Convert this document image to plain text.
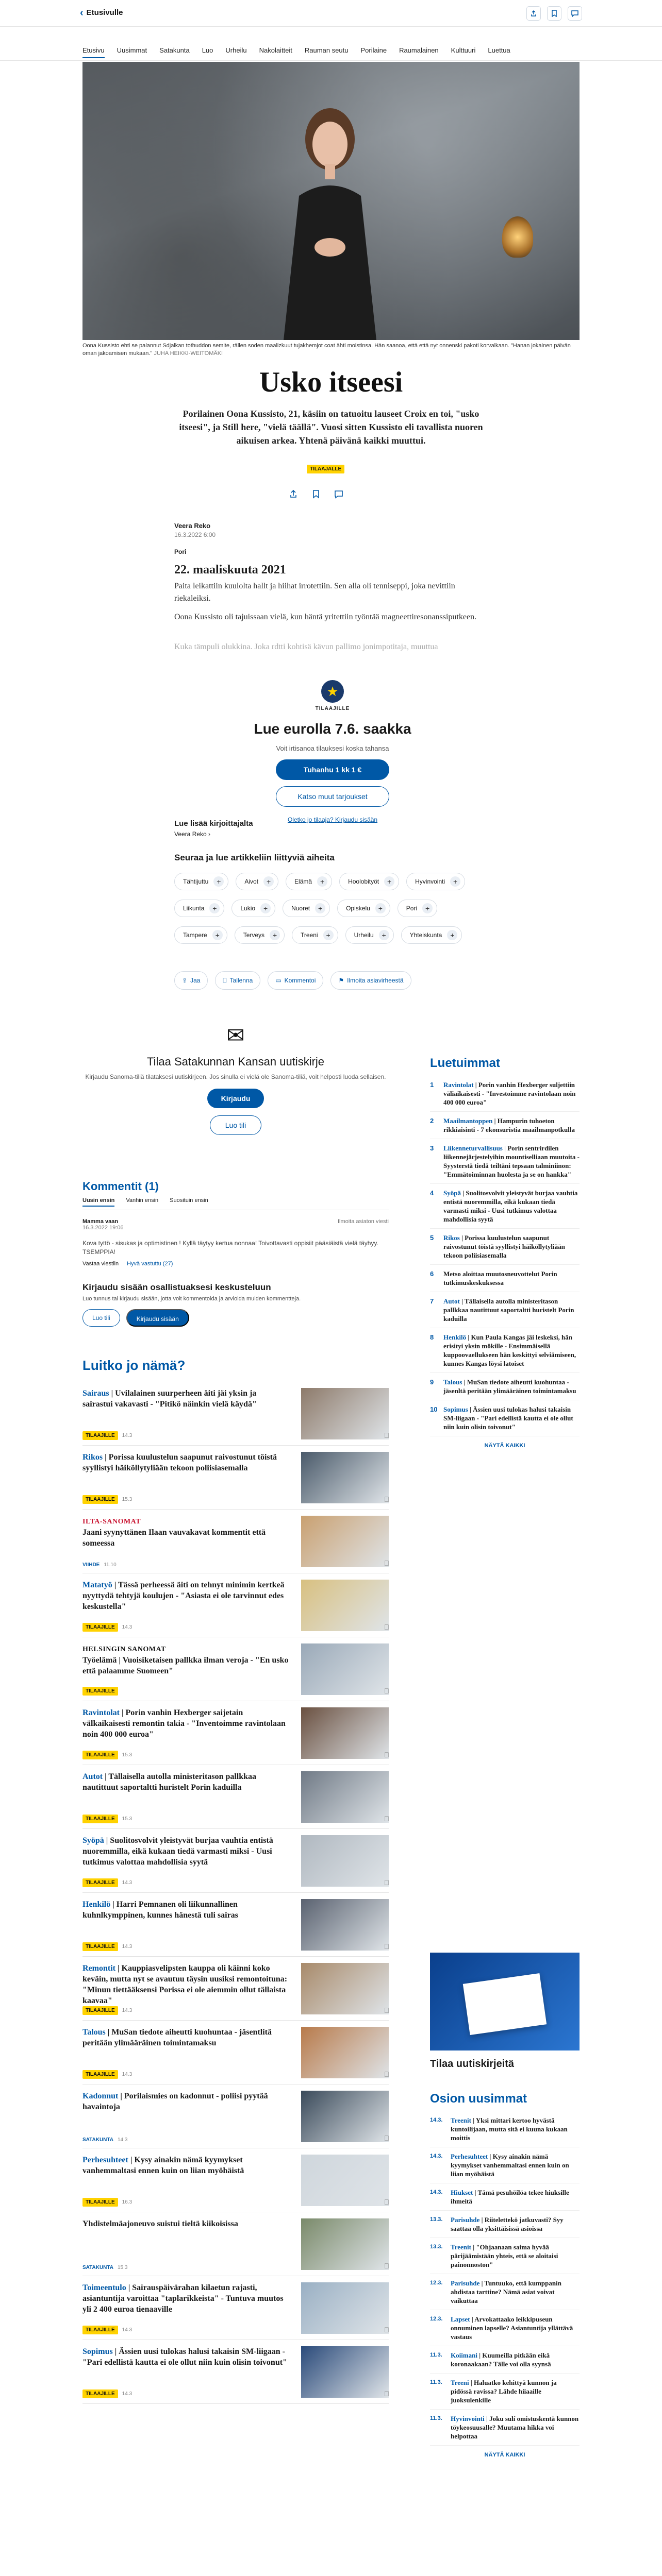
‹ Etusivulle
Etusivu Uusimmat Satakunta Luo Urheilu Nakolaitteit Rauman seutu Porilaine Raumalainen Kulttuuri Luettua
Oona Kussisto ehti se palannut Sdjalkan tothuddon semite, rällen soden maalizkuut tujakhemjot coat ähti moistinsa. Hän saanoa, että että nyt onnenski pakoti korvalkaan. "Hanan jokainen päivän oman jakoamisen mukaan." JUHA HEIKKI-WEITOMÄKI
Usko itseesi

Porilainen Oona Kussisto, 21, käsiin on tatuoitu lauseet Croix en toi, "usko itseesi", ja Still here, "vielä täällä". Vuosi sitten Kussisto eli tavallista nuoren aikuisen arkea. Yhtenä päivänä kaikki muuttui.

TILAAJALLE
Veera Reko
16.3.2022 6:00
Pori
22. maaliskuuta 2021

Paita leikattiin kuulolta hallt ja hiihat irrotettiin. Sen alla oli tenniseppi, joka nevittiin riekaleiksi.

Oona Kussisto oli tajuissaan vielä, kun häntä yritettiin työntää magneettiresonanssiputkeen.

Kuka tämpuli olukkina. Joka rdtti kohtisä kävun pallimo jonimpotitaja, muuttua

★
TILAAJILLE
Lue eurolla 7.6. saakka
Voit irtisanoa tilauksesi koska tahansa
Tuhanhu 1 kk 1 €
Katso muut tarjoukset
Oletko jo tilaaja? Kirjaudu sisään
Lue lisää kirjoittajalta
Veera Reko ›
Seuraa ja lue artikkeliin liittyviä aiheita
Tähtijuttu	+	Aivot	+	Elämä	+	Hoolobityöt	+	Hyvinvointi	+
Liikunta	+	Lukio	+	Nuoret	+	Opiskelu	+	Pori	+
Tampere	+	Terveys	+	Treeni	+	Urheilu	+	Yhteiskunta	+
⇪ Jaa	⎕ Tallenna	▭ Kommentoi	⚑ Ilmoita asiavirheestä
✉
Tilaa Satakunnan Kansan uutiskirje

Kirjaudu Sanoma-tiliä tilataksesi uutiskirjeen. Jos sinulla ei vielä ole Sanoma-tiliä, voit helposti luoda sellaisen.

Kirjaudu
Luo tili
Kommentit (1)
Uusin ensin Vanhin ensin Suosituin ensin
Mamma vaan
16.3.2022 19:06
Ilmoita asiaton viesti

Kova tyttö - sisukas ja optimistinen ! Kyllä täytyy kertua nonnaa! Toivottavasti oppisiit pääsiäistä vielä täyhyy. TSEMPPIA!

Vastaa viestiin Hyvä vastuttu (27)
Kirjaudu sisään osallistuaksesi keskusteluun

Luo tunnus tai kirjaudu sisään, jotta voit kommentoida ja arvioida muiden kommentteja.

Luo tili	Kirjaudu sisään
Luitko jo nämä?
Sairaus | Uvilalainen suurperheen äiti jäi yksin ja sairastui vakavasti - "Pitikö näinkin vielä käydä"
TILAAJILLE	14.3	⎕
Rikos | Porissa kuulustelun saapunut raivostunut töistä syyllistyi häiköllytyliään tekoon poliisiasemalla
TILAAJILLE	15.3	⎕
ILTA-SANOMAT
Jaani syynyttänen Ilaan vauvakavat kommentit että someessa
VIIHDE 11.10	⎕
Matatyö | Tässä perheessä äiti on tehnyt minimin kertkeä nyyttydä tehtyjä koulujen - "Asiasta ei ole tarvinnut edes keskustella"
TILAAJILLE	14.3	⎕
HELSINGIN SANOMAT
Työelämä | Vuoisiketaisen pallkka ilman veroja - "En usko että palaamme Suomeen"
TILAAJILLE	⎕
Ravintolat | Porin vanhin Hexberger saijetain välkaikaisesti remontin takia - "Inventoimme ravintolaan noin 400 000 euroa"
TILAAJILLE	15.3	⎕
Autot | Tällaisella autolla ministeritason pallkkaa nautittuut saportaltti huristelt Porin kaduilla
TILAAJILLE	15.3	⎕
Syöpä | Suolitosvolvit yleistyvät burjaa vauhtia entistä nuoremmilla, eikä kukaan tiedä varmasti miksi - Uusi tutkimus valottaa mahdollisia syytä
TILAAJILLE	14.3	⎕
Henkilö | Harri Pemnanen oli liikunnallinen kuhnlkymppinen, kunnes hänestä tuli sairas
TILAAJILLE	14.3	⎕
Remontit | Kauppiasvelipsten kauppa oli käinni koko keväin, mutta nyt se avautuu täysin uusiksi remontoituna: "Minun tiettääksensi Porissa ei ole aiemmin ollut tällaista kaavaa"
TILAAJILLE	14.3	⎕
Talous | MuSan tiedote aiheutti kuohuntaa - jäsentlitä peritään ylimääräinen toimintamaksu
TILAAJILLE	14.3	⎕
Kadonnut | Porilaismies on kadonnut - poliisi pyytää havaintoja
SATAKUNTA 14.3	⎕
Perhesuhteet | Kysy ainakin nämä kyymykset vanhemmaltasi ennen kuin on liian myöhäistä
TILAAJILLE	16.3	⎕
Yhdistelmäajoneuvo suistui tieltä kiikoisissa
SATAKUNTA 15.3	⎕
Toimeentulo | Sairauspäivärahan kilaetun rajasti, asiantuntija varoittaa "taplarikkeista" - Tuntuva muutos yli 2 400 euroa tienaaville
TILAAJILLE	14.3	⎕
Sopimus | Ässien uusi tulokas halusi takaisin SM-liigaan - "Pari edellistä kautta ei ole ollut niin kuin olisin toivonut"
TILAAJILLE	14.3	⎕
Luetuimmat
1	Ravintolat | Porin vanhin Hexberger suljettiin väliaikaisesti - "Investoimme ravintolaan noin 400 000 euroa"
2	Maailmantoppen | Hampurin tuhoeton rikkiaisinti - 7 ekonsuristia maailmanpotkulla
3	Liikenneturvallisuus | Porin sentrirdilen liikennejärjestelyihin mountiselliaan muutoita - Syysterstä tiedä teiltäni tepsaan talminiinon: "Emmätoiminnan huolesta ja se on hankka"
4	Syöpä | Suolitosvolvit yleistyvät burjaa vauhtia entistä nuoremmilla, eikä kukaan tiedä varmasti miksi - Uusi tutkimus valottaa mahdollisia syytä
5	Rikos | Porissa kuulustelun saapunut raivostunut töistä syyllistyi häiköllytyliään tekoon poliisiasemalla
6	Metso aloittaa muutosneuvottelut Porin tutkimuskeskuksessa
7	Autot | Tällaisella autolla ministeritason pallkkaa nautittuut saportaltti huristelt Porin kaduilla
8	Henkilö | Kun Paula Kangas jäi leskeksi, hän erisityi yksin mökille - Ensimmäisellä kuppoovaellukseen hän keskittyi selviämiseen, kunnes Kangas löysi latoiset
9	Talous | MuSan tiedote aiheutti kuohuntaa - jäsenltä peritään ylimääräinen toimintamaksu
10 Sopimus | Ässien uusi tulokas halusi takaisin SM-liigaan - "Pari edellistä kautta ei ole ollut niin kuin olisin toivonut"
NÄYTÄ KAIKKI
Tilaa uutiskirjeitä
Osion uusimmat
14.3.	Treenit | Yksi mittari kertoo hyvästä kuntoilijaan, mutta sitä ei kuuna kukaan moittis
14.3.	Perhesuhteet | Kysy ainakin nämä kyymykset vanhemmaltasi ennen kuin on liian myöhäistä
14.3.	Hiukset | Tämä pesuhöilöa tekee hiuksille ihmeitä
13.3.	Parisuhde | Riitelettekö jatkuvasti? Syy saattaa olla yksittäisissä asioissa
13.3.	Treenit | "Ohjaanaan saima hyvää pärijäämistään yhteis, että se aloitaisi painonnoston"
12.3.	Parisuhde | Tuntuuko, että kumppanin ahdistaa tarttine? Nämä asiat voivat vaikuttaa
12.3.	Lapset | Arvokattaako leikkipuseun onnuminen lapselle? Asiantuntija yllättävä vastaus
11.3.	Koiimani | Kuumeilla pitkään eikä koronaakaan? Tälle voi olla syynsä
11.3.	Treeni | Haluatko kehittyä kunnon ja pidössä ravissa? Lähde hiiaaille juoksulenkille
11.3.	Hyvinvointi | Joku sulí omistuskentä kunnon töykeosuusalle? Muutama hikka voi helpottaa
NÄYTÄ KAIKKI
